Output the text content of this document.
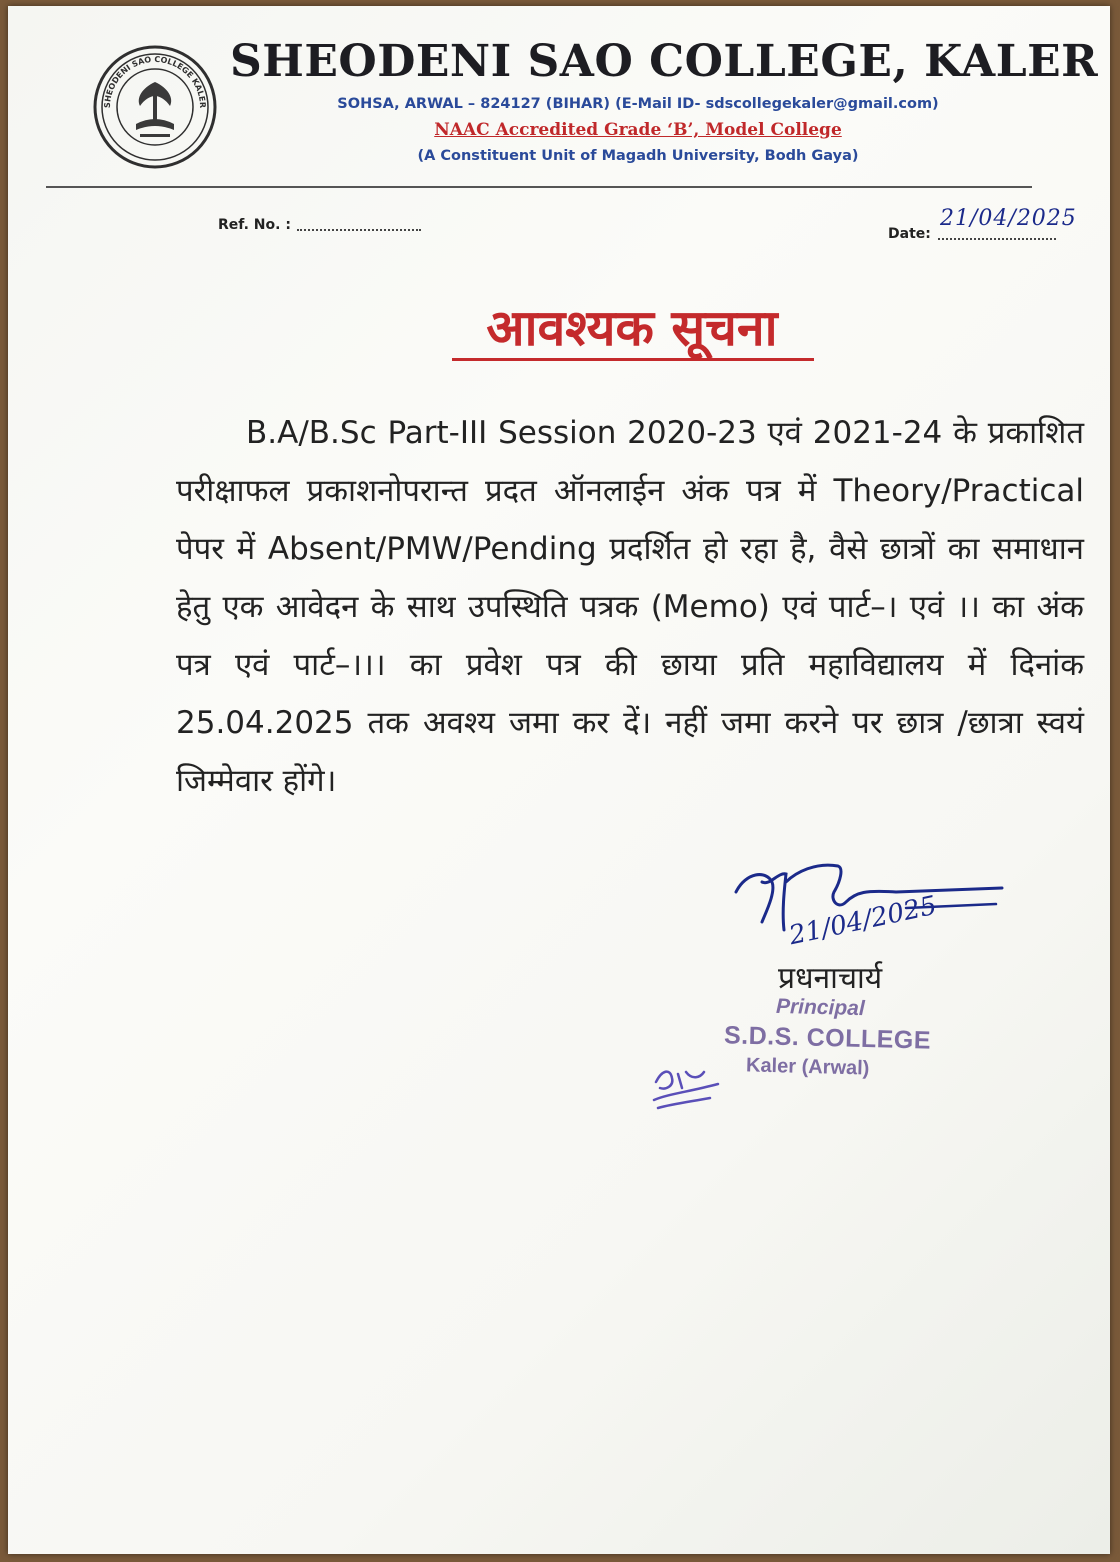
SHEODENI SAO COLLEGE KALER
SHEODENI SAO COLLEGE, KALER
SOHSA, ARWAL – 824127 (BIHAR) (E-Mail ID- sdscollegekaler@gmail.com)
NAAC Accredited Grade ‘B’, Model College
(A Constituent Unit of Magadh University, Bodh Gaya)
Ref. No. :
Date:
21/04/2025
आवश्यक सूचना
B.A/B.Sc Part-III Session 2020-23 एवं 2021-24 के प्रकाशित परीक्षाफल प्रकाशनोपरान्त प्रदत ऑनलाईन अंक पत्र में Theory/Practical पेपर में Absent/PMW/Pending प्रदर्शित हो रहा है, वैसे छात्रों का समाधान हेतु एक आवेदन के साथ उपस्थिति पत्रक (Memo) एवं पार्ट–। एवं ।। का अंक पत्र एवं पार्ट–।।। का प्रवेश पत्र की छाया प्रति महाविद्यालय में दिनांक 25.04.2025 तक अवश्य जमा कर दें। नहीं जमा करने पर छात्र /छात्रा स्वयं जिम्मेवार होंगे।
21/04/2025
प्रधनाचार्य
Principal
S.D.S. COLLEGE
Kaler (Arwal)
